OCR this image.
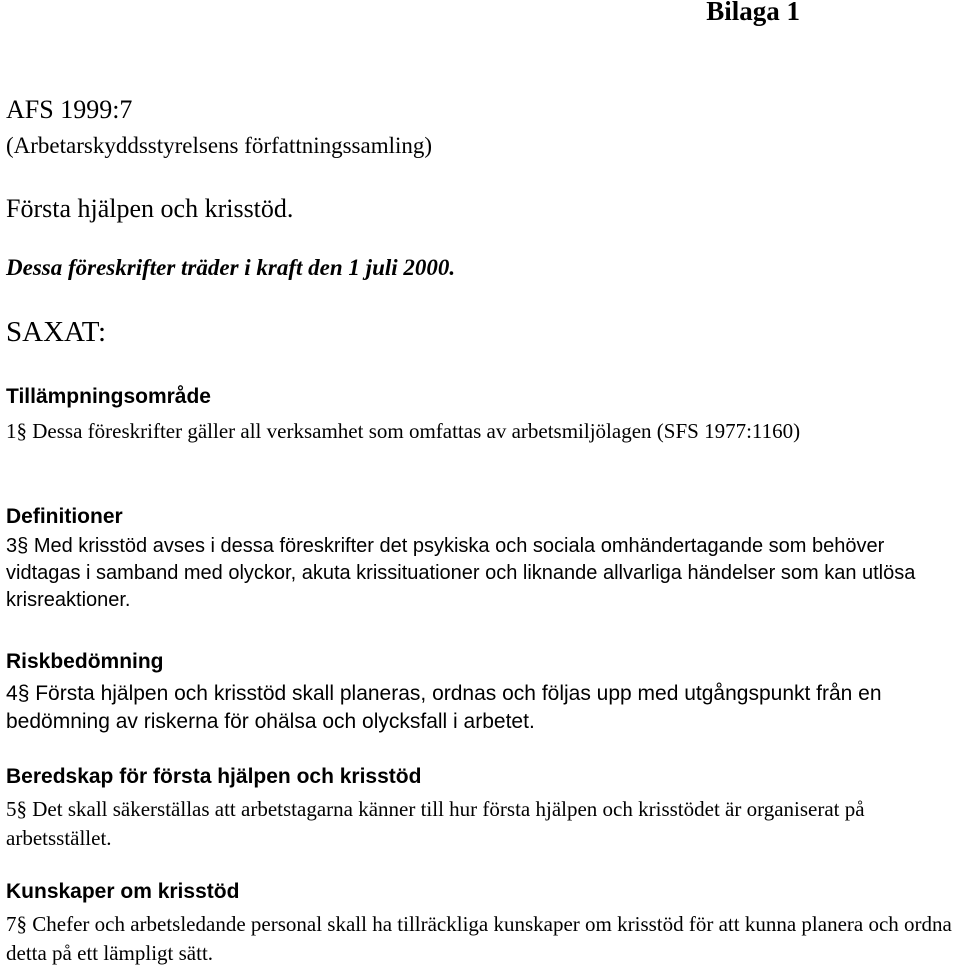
Bilaga 1
AFS 1999:7
(Arbetarskyddsstyrelsens författningssamling)
Första hjälpen och krisstöd.
Dessa föreskrifter träder i kraft den 1 juli 2000.
SAXAT:
Tillämpningsområde
1§ Dessa föreskrifter gäller all verksamhet som omfattas av arbetsmiljölagen (SFS 1977:1160)
Definitioner
3§ Med krisstöd avses i dessa föreskrifter det psykiska och sociala omhändertagande som behöver vidtagas i samband med olyckor, akuta krissituationer och liknande allvarliga händelser som kan utlösa krisreaktioner.
Riskbedömning
4§ Första hjälpen och krisstöd skall planeras, ordnas och följas upp med utgångspunkt från en bedömning av riskerna för ohälsa och olycksfall i arbetet.
Beredskap för första hjälpen och krisstöd
5§ Det skall säkerställas att arbetstagarna känner till hur första hjälpen och krisstödet är organiserat på arbetsstället.
Kunskaper om krisstöd
7§ Chefer och arbetsledande personal skall ha tillräckliga kunskaper om krisstöd för att kunna planera och ordna detta på ett lämpligt sätt.
